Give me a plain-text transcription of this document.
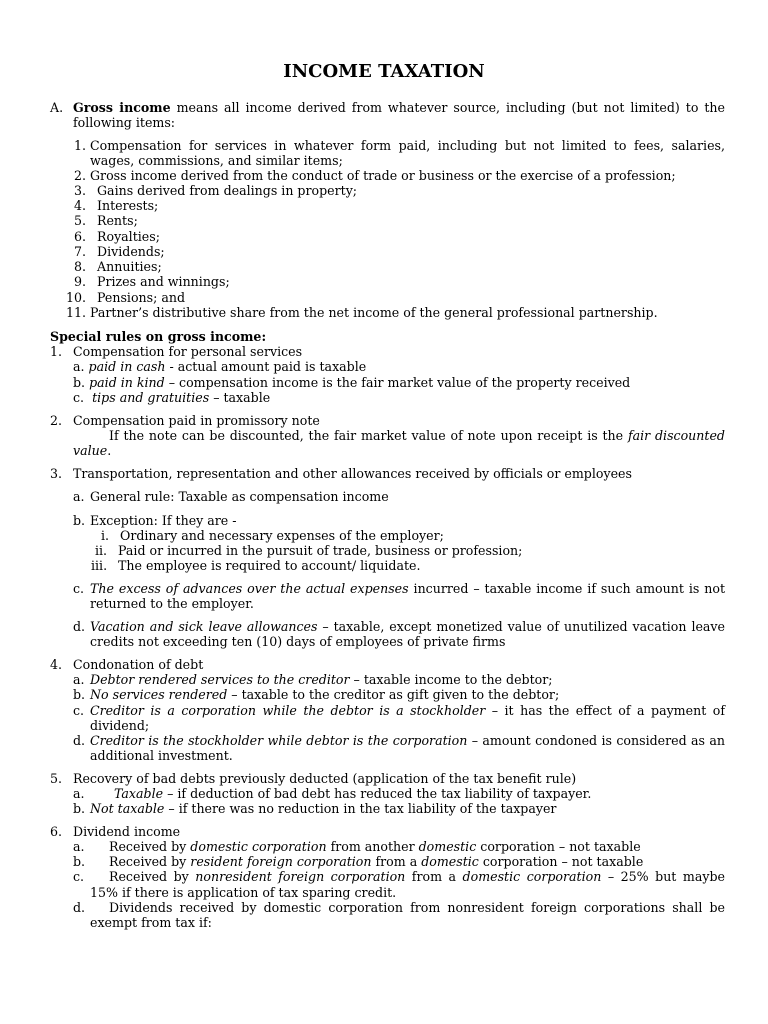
INCOME TAXATION
A. Gross income means all income derived from whatever source, including (but not limited) to the
following items:
1. Compensation for services in whatever form paid, including but not limited to fees, salaries,
wages, commissions, and similar items;
2. Gross income derived from the conduct of trade or business or the exercise of a profession;
3. Gains derived from dealings in property;
4. Interests;
5. Rents;
6. Royalties;
7. Dividends;
8. Annuities;
9. Prizes and winnings;
10. Pensions; and
11. Partner’s distributive share from the net income of the general professional partnership.
Special rules on gross income:
1. Compensation for personal services
a. paid in cash - actual amount paid is taxable
b. paid in kind – compensation income is the fair market value of the property received
c. tips and gratuities – taxable
2. Compensation paid in promissory note
If the note can be discounted, the fair market value of note upon receipt is the fair discounted
value.
3. Transportation, representation and other allowances received by officials or employees
a. General rule: Taxable as compensation income
b. Exception: If they are -
i. Ordinary and necessary expenses of the employer;
ii. Paid or incurred in the pursuit of trade, business or profession;
iii. The employee is required to account/ liquidate.
c. The excess of advances over the actual expenses incurred – taxable income if such amount is not
returned to the employer.
d. Vacation and sick leave allowances – taxable, except monetized value of unutilized vacation leave
credits not exceeding ten (10) days of employees of private firms
4. Condonation of debt
a. Debtor rendered services to the creditor – taxable income to the debtor;
b. No services rendered – taxable to the creditor as gift given to the debtor;
c. Creditor is a corporation while the debtor is a stockholder – it has the effect of a payment of
dividend;
d. Creditor is the stockholder while debtor is the corporation – amount condoned is considered as an
additional investment.
5. Recovery of bad debts previously deducted (application of the tax benefit rule)
a. Taxable – if deduction of bad debt has reduced the tax liability of taxpayer.
b. Not taxable – if there was no reduction in the tax liability of the taxpayer
6. Dividend income
a. Received by domestic corporation from another domestic corporation – not taxable
b. Received by resident foreign corporation from a domestic corporation – not taxable
c. Received by nonresident foreign corporation from a domestic corporation – 25% but maybe
15% if there is application of tax sparing credit.
d. Dividends received by domestic corporation from nonresident foreign corporations shall be
exempt from tax if:
